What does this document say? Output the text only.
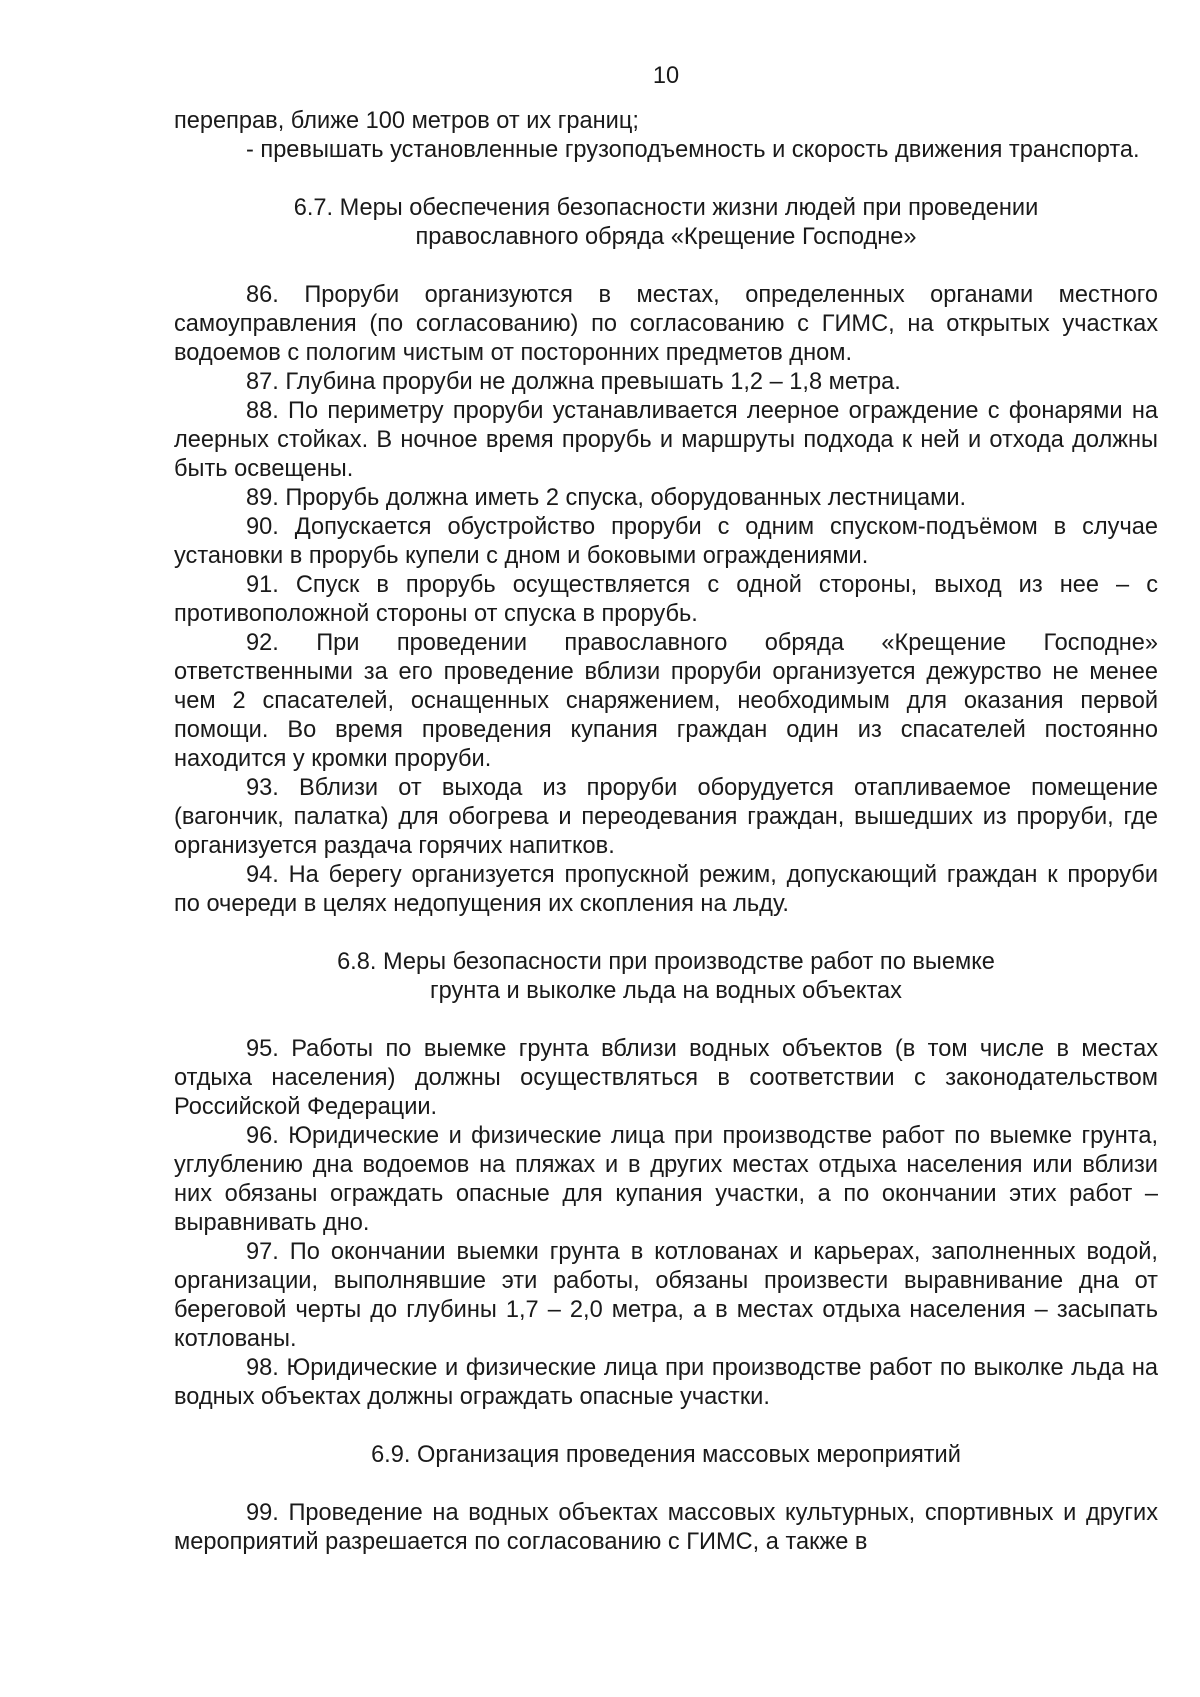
10

переправ, ближе 100 метров от их границ;

- превышать установленные грузоподъемность и скорость движения транспорта.

6.7. Меры обеспечения безопасности жизни людей при проведении
православного обряда «Крещение Господне»

86. Проруби организуются в местах, определенных органами местного самоуправления (по согласованию) по согласованию с ГИМС, на открытых участках водоемов с пологим чистым от посторонних предметов дном.

87. Глубина проруби не должна превышать 1,2 – 1,8 метра.

88. По периметру проруби устанавливается леерное ограждение с фонарями на леерных стойках. В ночное время прорубь и маршруты подхода к ней и отхода должны быть освещены.

89. Прорубь должна иметь 2 спуска, оборудованных лестницами.

90. Допускается обустройство проруби с одним спуском-подъёмом в случае установки в прорубь купели с дном и боковыми ограждениями.

91. Спуск в прорубь осуществляется с одной стороны, выход из нее – с противоположной стороны от спуска в прорубь.

92. При проведении православного обряда «Крещение Господне» ответственными за его проведение вблизи проруби организуется дежурство не менее чем 2 спасателей, оснащенных снаряжением, необходимым для оказания первой помощи. Во время проведения купания граждан один из спасателей постоянно находится у кромки проруби.

93. Вблизи от выхода из проруби оборудуется отапливаемое помещение (вагончик, палатка) для обогрева и переодевания граждан, вышедших из проруби, где организуется раздача горячих напитков.

94. На берегу организуется пропускной режим, допускающий граждан к проруби по очереди в целях недопущения их скопления на льду.

6.8. Меры безопасности при производстве работ по выемке
грунта и выколке льда на водных объектах

95. Работы по выемке грунта вблизи водных объектов (в том числе в местах отдыха населения) должны осуществляться в соответствии с законодательством Российской Федерации.

96. Юридические и физические лица при производстве работ по выемке грунта, углублению дна водоемов на пляжах и в других местах отдыха населения или вблизи них обязаны ограждать опасные для купания участки, а по окончании этих работ – выравнивать дно.

97. По окончании выемки грунта в котлованах и карьерах, заполненных водой, организации, выполнявшие эти работы, обязаны произвести выравнивание дна от береговой черты до глубины 1,7 – 2,0 метра, а в местах отдыха населения – засыпать котлованы.

98. Юридические и физические лица при производстве работ по выколке льда на водных объектах должны ограждать опасные участки.

6.9. Организация проведения массовых мероприятий

99. Проведение на водных объектах массовых культурных, спортивных и других мероприятий разрешается по согласованию с ГИМС, а также в
